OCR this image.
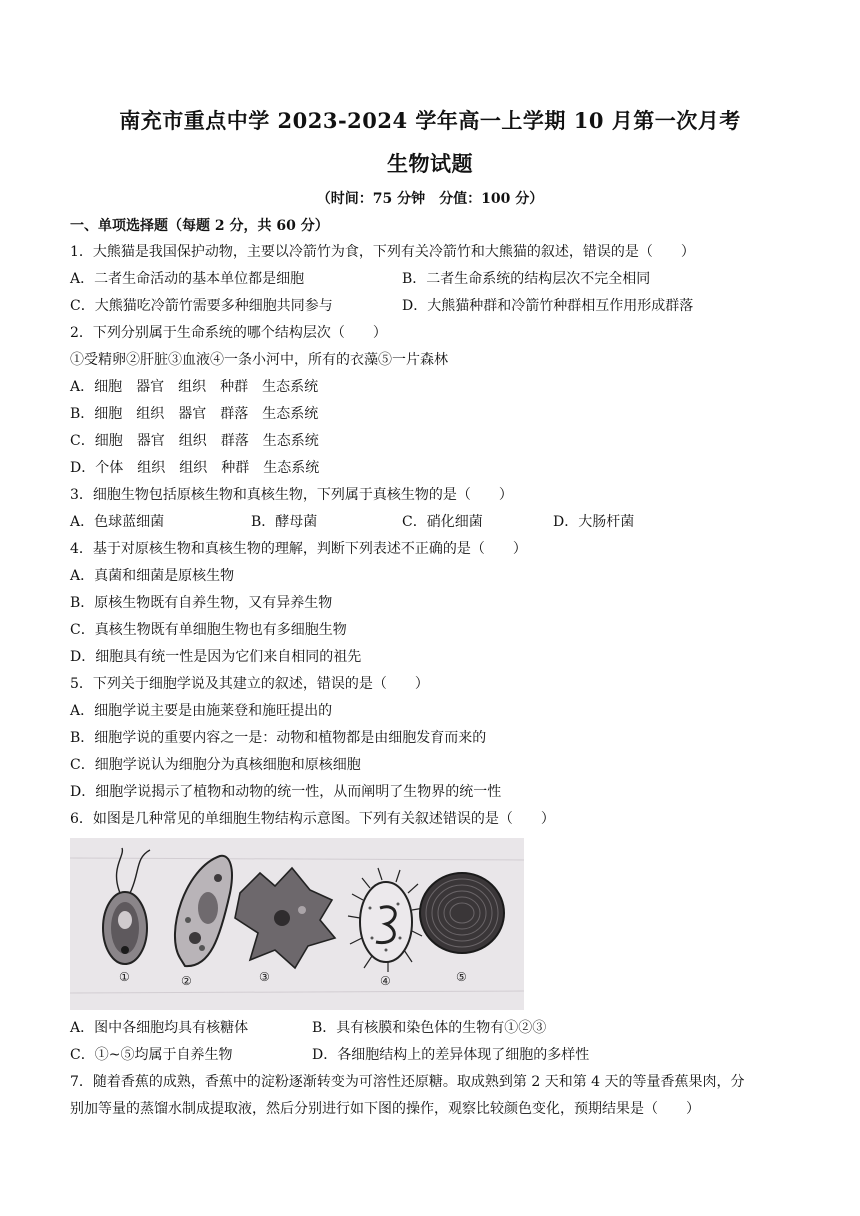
南充市重点中学 2023-2024 学年高一上学期 10 月第一次月考
生物试题
（时间：75 分钟　分值：100 分）
一、单项选择题（每题 2 分，共 60 分）
1．大熊猫是我国保护动物，主要以冷箭竹为食，下列有关冷箭竹和大熊猫的叙述，错误的是（　　）
A．二者生命活动的基本单位都是细胞	B．二者生命系统的结构层次不完全相同
C．大熊猫吃冷箭竹需要多种细胞共同参与	D．大熊猫种群和冷箭竹种群相互作用形成群落
2．下列分别属于生命系统的哪个结构层次（　　）
①受精卵②肝脏③血液④一条小河中，所有的衣藻⑤一片森林
A．细胞　器官　组织　种群　生态系统
B．细胞　组织　器官　群落　生态系统
C．细胞　器官　组织　群落　生态系统
D．个体　组织　组织　种群　生态系统
3．细胞生物包括原核生物和真核生物，下列属于真核生物的是（　　）
A．色球蓝细菌	B．酵母菌	C．硝化细菌	D．大肠杆菌
4．基于对原核生物和真核生物的理解，判断下列表述不正确的是（　　）
A．真菌和细菌是原核生物
B．原核生物既有自养生物，又有异养生物
C．真核生物既有单细胞生物也有多细胞生物
D．细胞具有统一性是因为它们来自相同的祖先
5．下列关于细胞学说及其建立的叙述，错误的是（　　）
A．细胞学说主要是由施莱登和施旺提出的
B．细胞学说的重要内容之一是：动物和植物都是由细胞发育而来的
C．细胞学说认为细胞分为真核细胞和原核细胞
D．细胞学说揭示了植物和动物的统一性，从而阐明了生物界的统一性
6．如图是几种常见的单细胞生物结构示意图。下列有关叙述错误的是（　　）
①	②	③	④	⑤
A．图中各细胞均具有核糖体	B．具有核膜和染色体的生物有①②③
C．①~⑤均属于自养生物	D．各细胞结构上的差异体现了细胞的多样性
7．随着香蕉的成熟，香蕉中的淀粉逐渐转变为可溶性还原糖。取成熟到第 2 天和第 4 天的等量香蕉果肉，分
别加等量的蒸馏水制成提取液，然后分别进行如下图的操作，观察比较颜色变化，预期结果是（　　）
